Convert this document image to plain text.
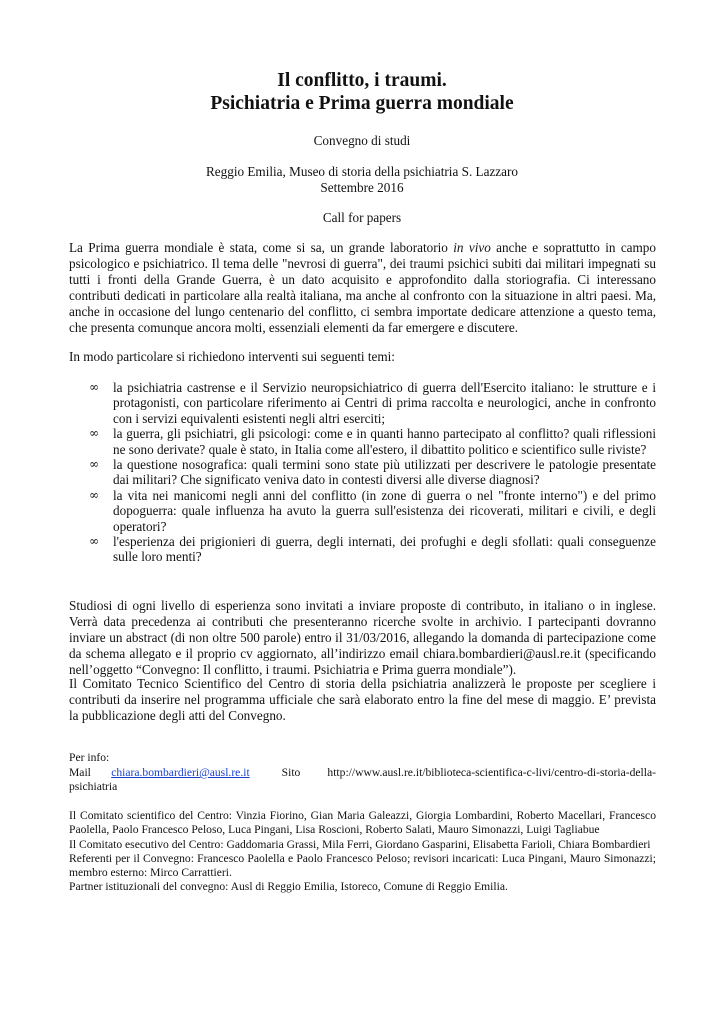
Il conflitto, i traumi.
Psichiatria e Prima guerra mondiale
Convegno di studi
Reggio Emilia, Museo di storia della psichiatria S. Lazzaro
Settembre 2016
Call for papers

La Prima guerra mondiale è stata, come si sa, un grande laboratorio in vivo anche e soprattutto in campo psicologico e psichiatrico. Il tema delle "nevrosi di guerra", dei traumi psichici subiti dai militari impegnati su tutti i fronti della Grande Guerra, è un dato acquisito e approfondito dalla storiografia. Ci interessano contributi dedicati in particolare alla realtà italiana, ma anche al confronto con la situazione in altri paesi. Ma, anche in occasione del lungo centenario del conflitto, ci sembra importate dedicare attenzione a questo tema, che presenta comunque ancora molti, essenziali elementi da far emergere e discutere.

In modo particolare si richiedono interventi sui seguenti temi:

∞ la psichiatria castrense e il Servizio neuropsichiatrico di guerra dell'Esercito italiano: le strutture e i protagonisti, con particolare riferimento ai Centri di prima raccolta e neurologici, anche in confronto con i servizi equivalenti esistenti negli altri eserciti;
∞ la guerra, gli psichiatri, gli psicologi: come e in quanti hanno partecipato al conflitto? quali riflessioni ne sono derivate? quale è stato, in Italia come all'estero, il dibattito politico e scientifico sulle riviste?
∞ la questione nosografica: quali termini sono state più utilizzati per descrivere le patologie presentate dai militari? Che significato veniva dato in contesti diversi alle diverse diagnosi?
∞ la vita nei manicomi negli anni del conflitto (in zone di guerra o nel "fronte interno") e del primo dopoguerra: quale influenza ha avuto la guerra sull'esistenza dei ricoverati, militari e civili, e degli operatori?
∞ l'esperienza dei prigionieri di guerra, degli internati, dei profughi e degli sfollati: quali conseguenze sulle loro menti?

Studiosi di ogni livello di esperienza sono invitati a inviare proposte di contributo, in italiano o in inglese. Verrà data precedenza ai contributi che presenteranno ricerche svolte in archivio. I partecipanti dovranno inviare un abstract (di non oltre 500 parole) entro il 31/03/2016, allegando la domanda di partecipazione come da schema allegato e il proprio cv aggiornato, all’indirizzo email chiara.bombardieri@ausl.re.it (specificando nell’oggetto “Convegno: Il conflitto, i traumi. Psichiatria e Prima guerra mondiale”).

Il Comitato Tecnico Scientifico del Centro di storia della psichiatria analizzerà le proposte per scegliere i contributi da inserire nel programma ufficiale che sarà elaborato entro la fine del mese di maggio. E’ prevista la pubblicazione degli atti del Convegno.

Per info:
Mail chiara.bombardieri@ausl.re.it	Sito http://www.ausl.re.it/biblioteca-scientifica-c-livi/centro-di-storia-della-psichiatria
Il Comitato scientifico del Centro: Vinzia Fiorino, Gian Maria Galeazzi, Giorgia Lombardini, Roberto Macellari, Francesco Paolella, Paolo Francesco Peloso, Luca Pingani, Lisa Roscioni, Roberto Salati, Mauro Simonazzi, Luigi Tagliabue
Il Comitato esecutivo del Centro: Gaddomaria Grassi, Mila Ferri, Giordano Gasparini, Elisabetta Farioli, Chiara Bombardieri
Referenti per il Convegno: Francesco Paolella e Paolo Francesco Peloso; revisori incaricati: Luca Pingani, Mauro Simonazzi; membro esterno: Mirco Carrattieri.
Partner istituzionali del convegno: Ausl di Reggio Emilia, Istoreco, Comune di Reggio Emilia.
